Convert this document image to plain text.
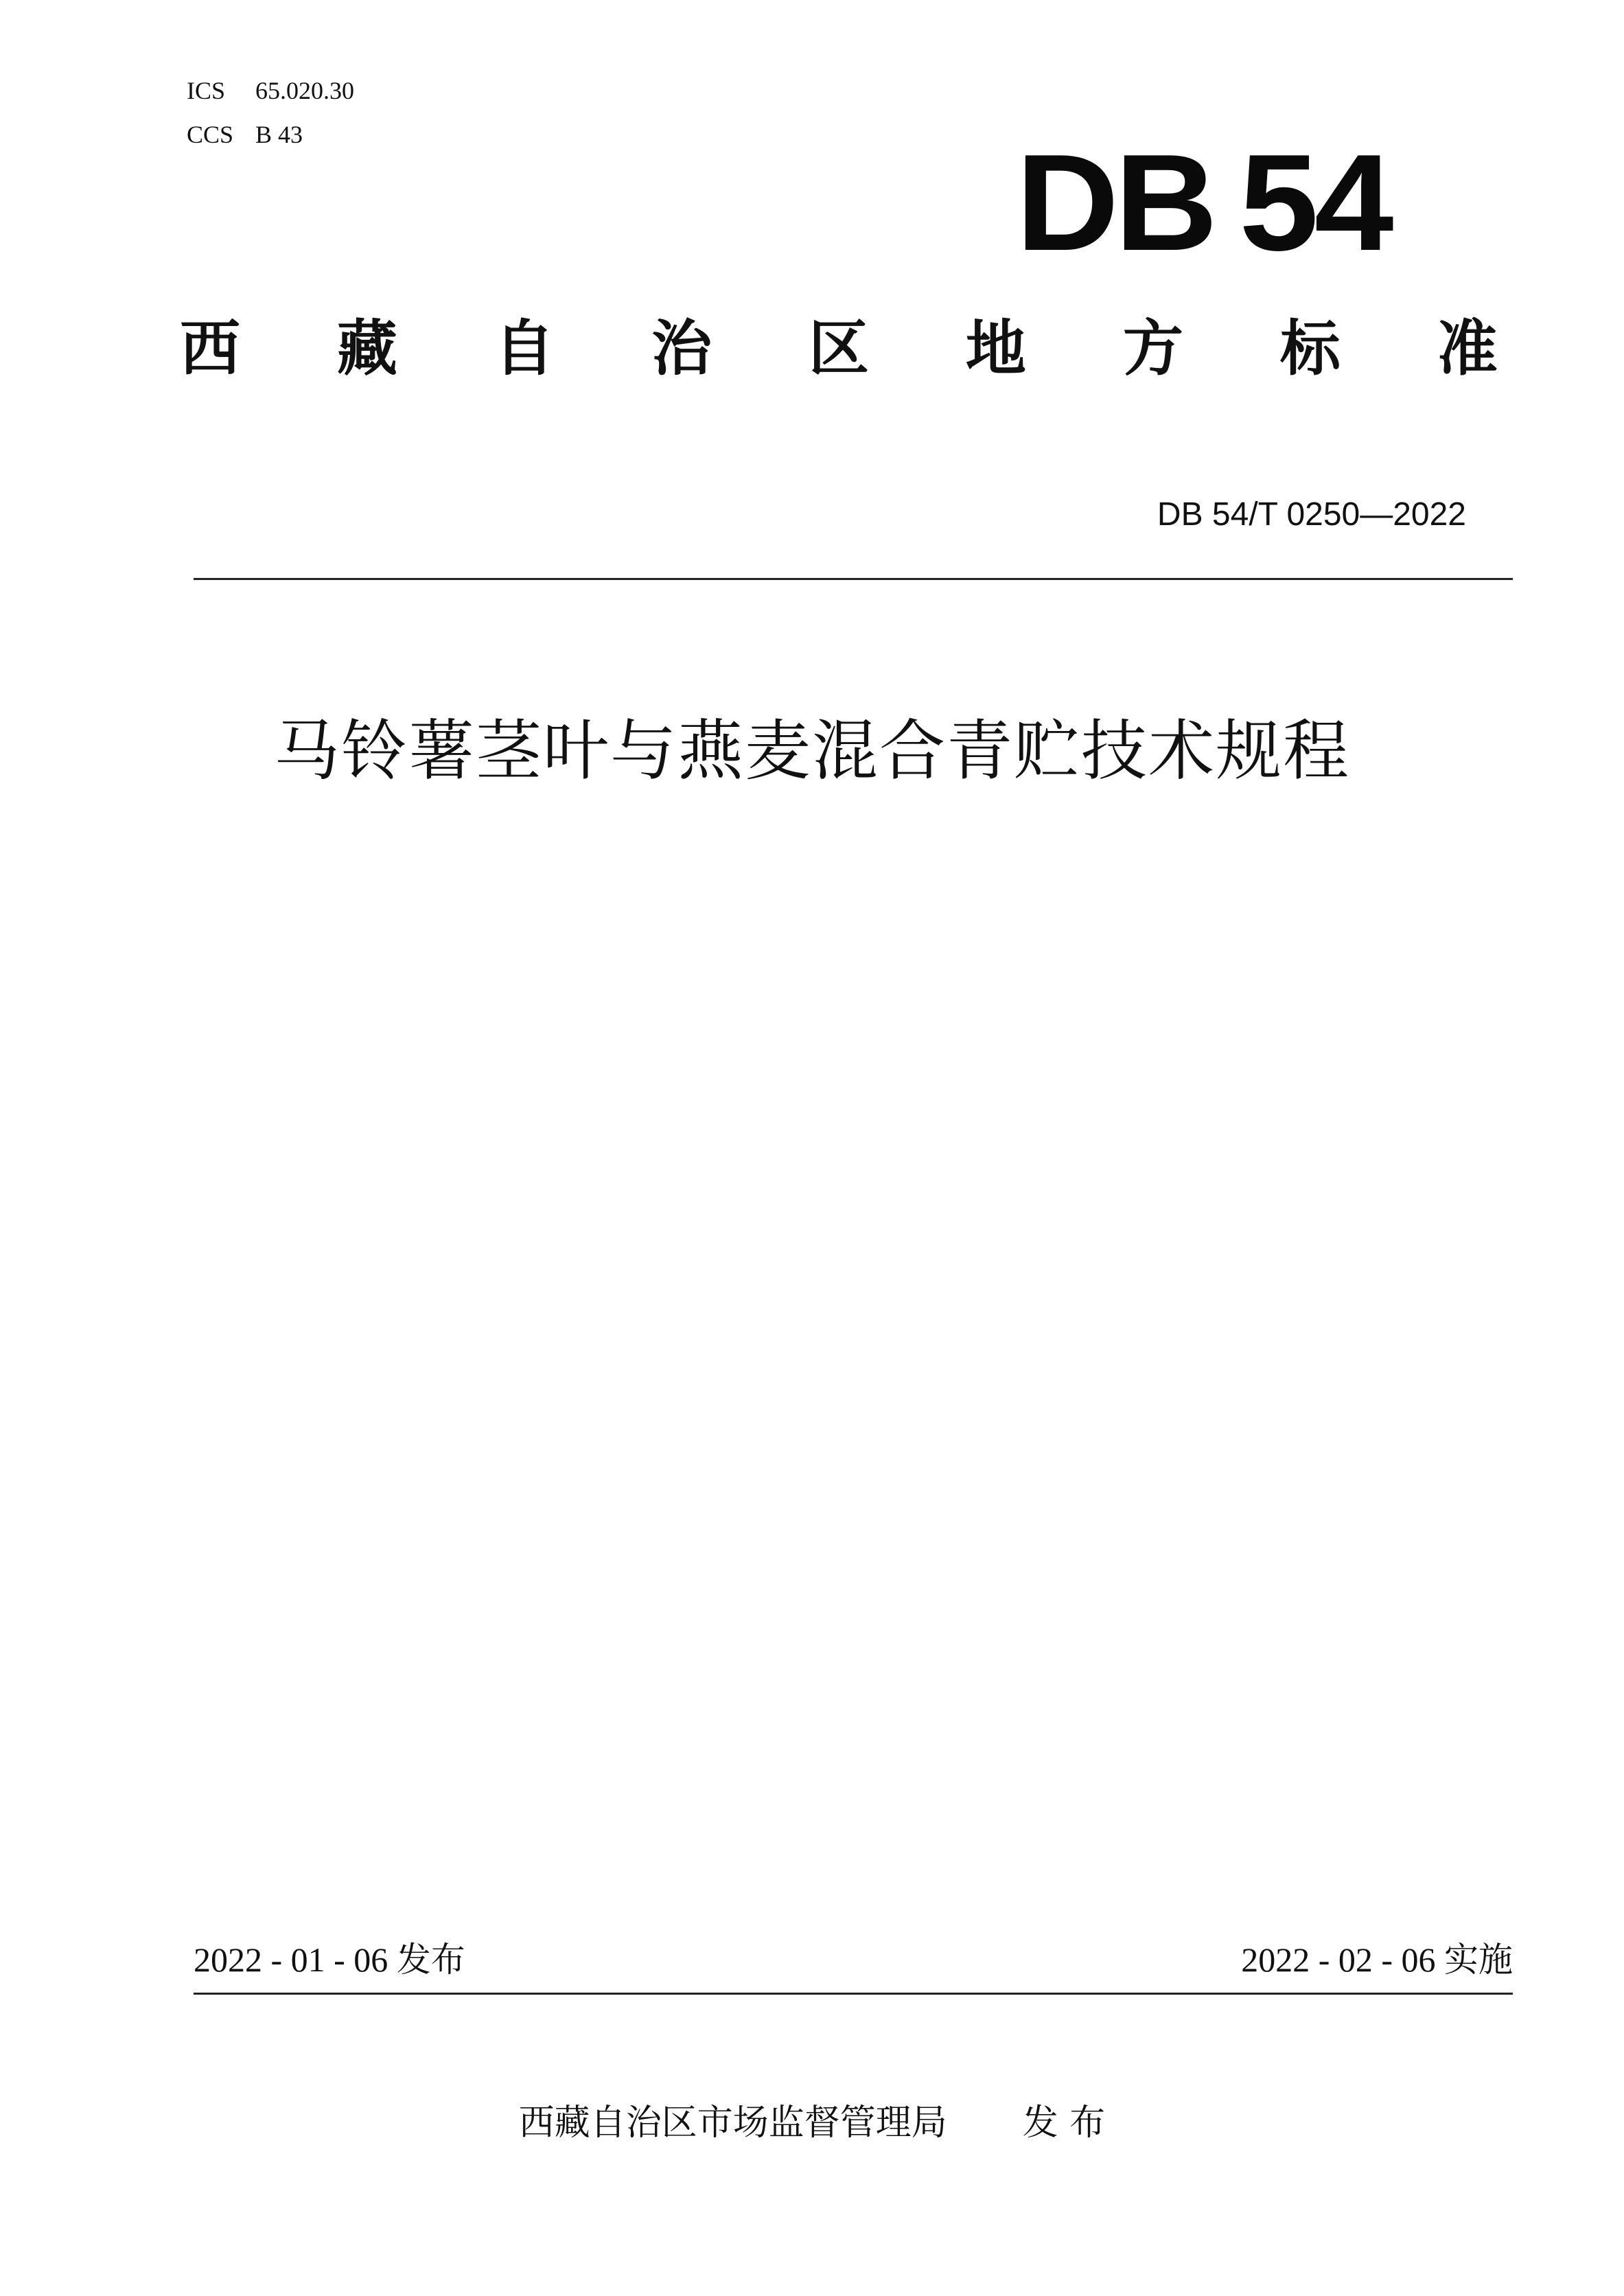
ICS 65.020.30
CCS B 43	DB 54
西 藏 自 治 区 地 方 标 准
DB 54/T 0250—2022
马铃薯茎叶与燕麦混合青贮技术规程
2022 - 01 - 06 发布	2022 - 02 - 06 实施
西藏自治区市场监督管理局 发 布
